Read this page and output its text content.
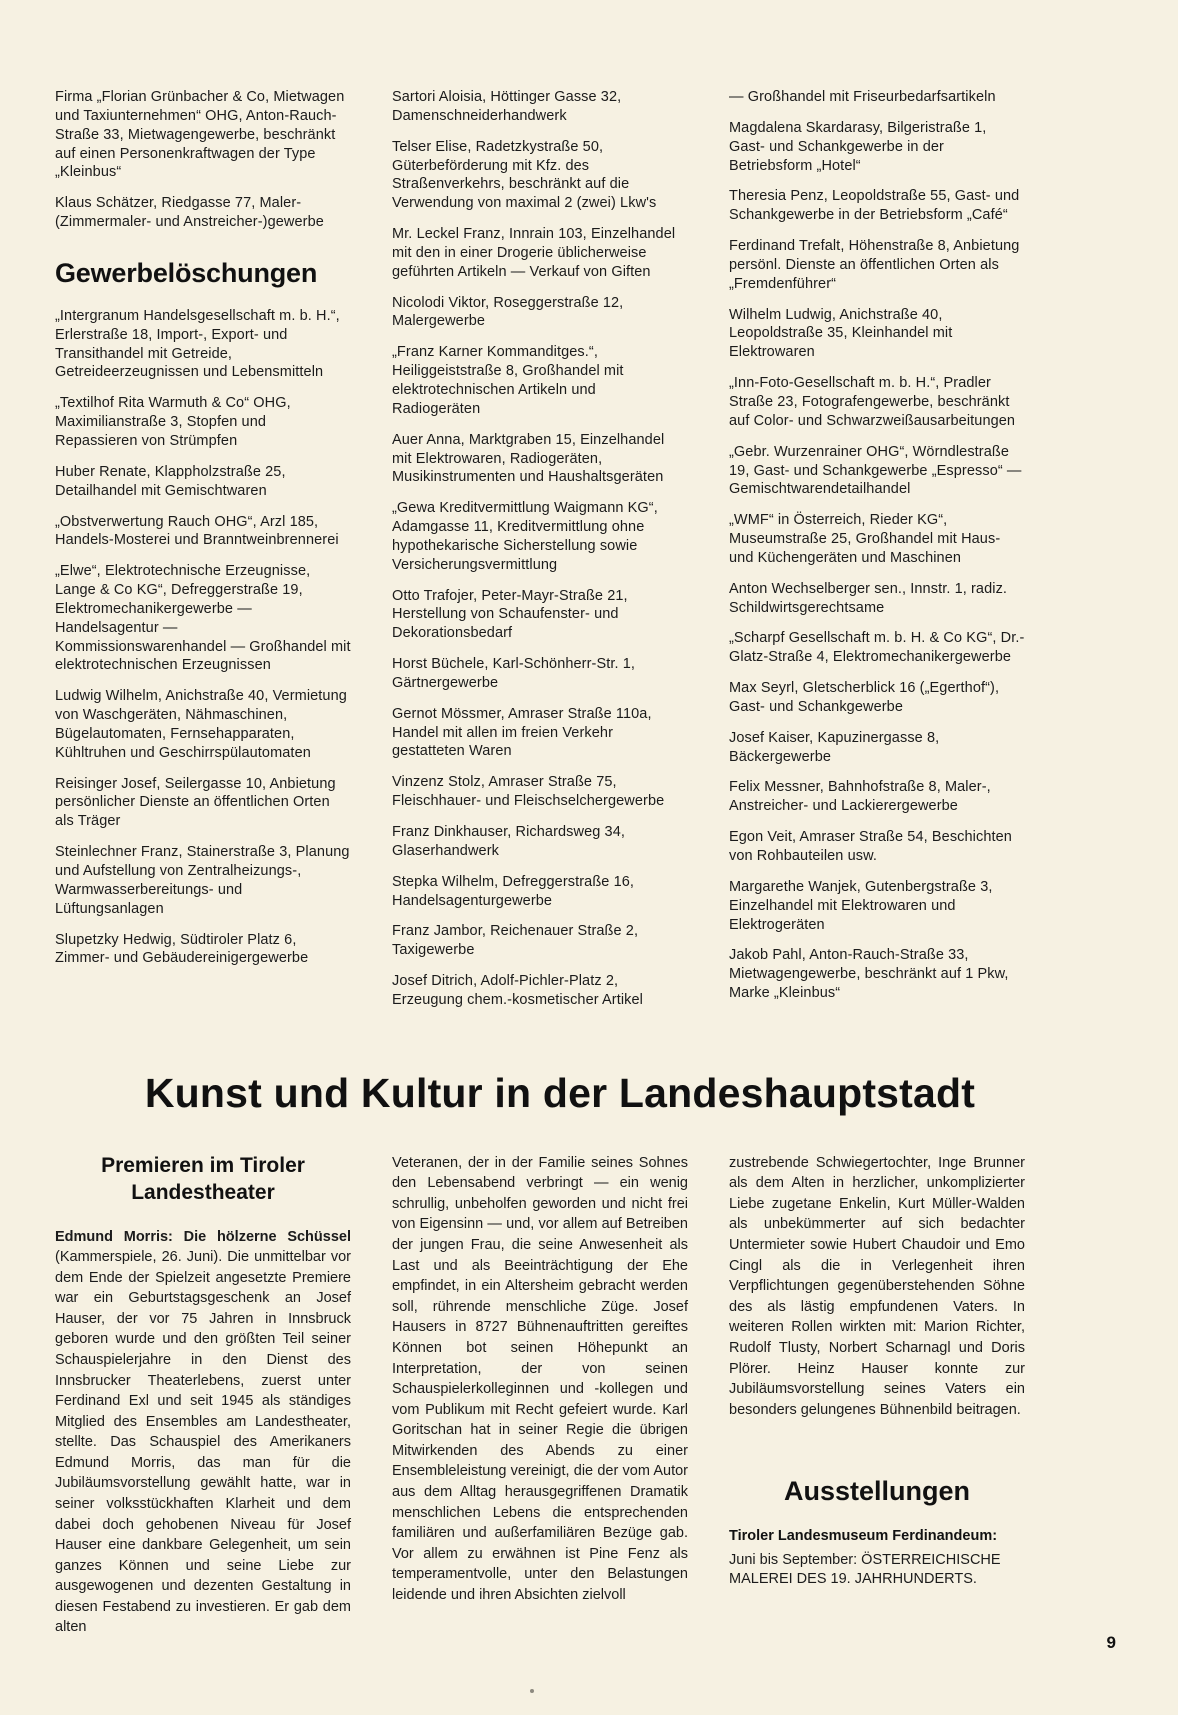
Firma „Florian Grünbacher & Co, Mietwagen und Taxiunternehmen“ OHG, Anton-Rauch-Straße 33, Mietwagengewerbe, beschränkt auf einen Personenkraftwagen der Type „Kleinbus“
Klaus Schätzer, Riedgasse 77, Maler-(Zimmermaler- und Anstreicher-)gewerbe
Gewerbelöschungen
„Intergranum Handelsgesellschaft m. b. H.“, Erlerstraße 18, Import-, Export- und Transithandel mit Getreide, Getreideerzeugnissen und Lebensmitteln
„Textilhof Rita Warmuth & Co“ OHG, Maximilianstraße 3, Stopfen und Repassieren von Strümpfen
Huber Renate, Klappholzstraße 25, Detailhandel mit Gemischtwaren
„Obstverwertung Rauch OHG“, Arzl 185, Handels-Mosterei und Branntweinbrennerei
„Elwe“, Elektrotechnische Erzeugnisse, Lange & Co KG“, Defreggerstraße 19, Elektromechanikergewerbe — Handelsagentur — Kommissionswarenhandel — Großhandel mit elektrotechnischen Erzeugnissen
Ludwig Wilhelm, Anichstraße 40, Vermietung von Waschgeräten, Nähmaschinen, Bügelautomaten, Fernsehapparaten, Kühltruhen und Geschirrspülautomaten
Reisinger Josef, Seilergasse 10, Anbietung persönlicher Dienste an öffentlichen Orten als Träger
Steinlechner Franz, Stainerstraße 3, Planung und Aufstellung von Zentralheizungs-, Warmwasserbereitungs- und Lüftungsanlagen
Slupetzky Hedwig, Südtiroler Platz 6, Zimmer- und Gebäudereinigergewerbe
Sartori Aloisia, Höttinger Gasse 32, Damenschneiderhandwerk
Telser Elise, Radetzkystraße 50, Güterbeförderung mit Kfz. des Straßenverkehrs, beschränkt auf die Verwendung von maximal 2 (zwei) Lkw's
Mr. Leckel Franz, Innrain 103, Einzelhandel mit den in einer Drogerie üblicherweise geführten Artikeln — Verkauf von Giften
Nicolodi Viktor, Roseggerstraße 12, Malergewerbe
„Franz Karner Kommanditges.“, Heiliggeiststraße 8, Großhandel mit elektrotechnischen Artikeln und Radiogeräten
Auer Anna, Marktgraben 15, Einzelhandel mit Elektrowaren, Radiogeräten, Musikinstrumenten und Haushaltsgeräten
„Gewa Kreditvermittlung Waigmann KG“, Adamgasse 11, Kreditvermittlung ohne hypothekarische Sicherstellung sowie Versicherungsvermittlung
Otto Trafojer, Peter-Mayr-Straße 21, Herstellung von Schaufenster- und Dekorationsbedarf
Horst Büchele, Karl-Schönherr-Str. 1, Gärtnergewerbe
Gernot Mössmer, Amraser Straße 110a, Handel mit allen im freien Verkehr gestatteten Waren
Vinzenz Stolz, Amraser Straße 75, Fleischhauer- und Fleischselchergewerbe
Franz Dinkhauser, Richardsweg 34, Glaserhandwerk
Stepka Wilhelm, Defreggerstraße 16, Handelsagenturgewerbe
Franz Jambor, Reichenauer Straße 2, Taxigewerbe
Josef Ditrich, Adolf-Pichler-Platz 2, Erzeugung chem.-kosmetischer Artikel
— Großhandel mit Friseurbedarfsartikeln
Magdalena Skardarasy, Bilgeristraße 1, Gast- und Schankgewerbe in der Betriebsform „Hotel“
Theresia Penz, Leopoldstraße 55, Gast- und Schankgewerbe in der Betriebsform „Café“
Ferdinand Trefalt, Höhenstraße 8, Anbietung persönl. Dienste an öffentlichen Orten als „Fremdenführer“
Wilhelm Ludwig, Anichstraße 40, Leopoldstraße 35, Kleinhandel mit Elektrowaren
„Inn-Foto-Gesellschaft m. b. H.“, Pradler Straße 23, Fotografengewerbe, beschränkt auf Color- und Schwarzweißausarbeitungen
„Gebr. Wurzenrainer OHG“, Wörndlestraße 19, Gast- und Schankgewerbe „Espresso“ — Gemischtwarendetailhandel
„WMF“ in Österreich, Rieder KG“, Museumstraße 25, Großhandel mit Haus- und Küchengeräten und Maschinen
Anton Wechselberger sen., Innstr. 1, radiz. Schildwirtsgerechtsame
„Scharpf Gesellschaft m. b. H. & Co KG“, Dr.-Glatz-Straße 4, Elektromechanikergewerbe
Max Seyrl, Gletscherblick 16 („Egerthof“), Gast- und Schankgewerbe
Josef Kaiser, Kapuzinergasse 8, Bäckergewerbe
Felix Messner, Bahnhofstraße 8, Maler-, Anstreicher- und Lackierergewerbe
Egon Veit, Amraser Straße 54, Beschichten von Rohbauteilen usw.
Margarethe Wanjek, Gutenbergstraße 3, Einzelhandel mit Elektrowaren und Elektrogeräten
Jakob Pahl, Anton-Rauch-Straße 33, Mietwagengewerbe, beschränkt auf 1 Pkw, Marke „Kleinbus“
Kunst und Kultur in der Landeshauptstadt
Premieren im Tiroler
Landestheater

Edmund Morris: Die hölzerne Schüssel (Kammerspiele, 26. Juni). Die unmittelbar vor dem Ende der Spielzeit angesetzte Premiere war ein Geburtstagsgeschenk an Josef Hauser, der vor 75 Jahren in Innsbruck geboren wurde und den größten Teil seiner Schauspielerjahre in den Dienst des Innsbrucker Theaterlebens, zuerst unter Ferdinand Exl und seit 1945 als ständiges Mitglied des Ensembles am Landestheater, stellte. Das Schauspiel des Amerikaners Edmund Morris, das man für die Jubiläumsvorstellung gewählt hatte, war in seiner volksstückhaften Klarheit und dem dabei doch gehobenen Niveau für Josef Hauser eine dankbare Gelegenheit, um sein ganzes Können und seine Liebe zur ausgewogenen und dezenten Gestaltung in diesen Festabend zu investieren. Er gab dem alten

Veteranen, der in der Familie seines Sohnes den Lebensabend verbringt — ein wenig schrullig, unbeholfen geworden und nicht frei von Eigensinn — und, vor allem auf Betreiben der jungen Frau, die seine Anwesenheit als Last und als Beeinträchtigung der Ehe empfindet, in ein Altersheim gebracht werden soll, rührende menschliche Züge. Josef Hausers in 8727 Bühnenauftritten gereiftes Können bot seinen Höhepunkt an Interpretation, der von seinen Schauspielerkolleginnen und -kollegen und vom Publikum mit Recht gefeiert wurde. Karl Goritschan hat in seiner Regie die übrigen Mitwirkenden des Abends zu einer Ensembleleistung vereinigt, die der vom Autor aus dem Alltag herausgegriffenen Dramatik menschlichen Lebens die entsprechenden familiären und außerfamiliären Bezüge gab. Vor allem zu erwähnen ist Pine Fenz als temperamentvolle, unter den Belastungen leidende und ihren Absichten zielvoll

zustrebende Schwiegertochter, Inge Brunner als dem Alten in herzlicher, unkomplizierter Liebe zugetane Enkelin, Kurt Müller-Walden als unbekümmerter auf sich bedachter Untermieter sowie Hubert Chaudoir und Emo Cingl als die in Verlegenheit ihren Verpflichtungen gegenüberstehenden Söhne des als lästig empfundenen Vaters. In weiteren Rollen wirkten mit: Marion Richter, Rudolf Tlusty, Norbert Scharnagl und Doris Plörer. Heinz Hauser konnte zur Jubiläumsvorstellung seines Vaters ein besonders gelungenes Bühnenbild beitragen.

Ausstellungen

Tiroler Landesmuseum Ferdinandeum:

Juni bis September: ÖSTERREICHISCHE MALEREI DES 19. JAHRHUNDERTS.

9
